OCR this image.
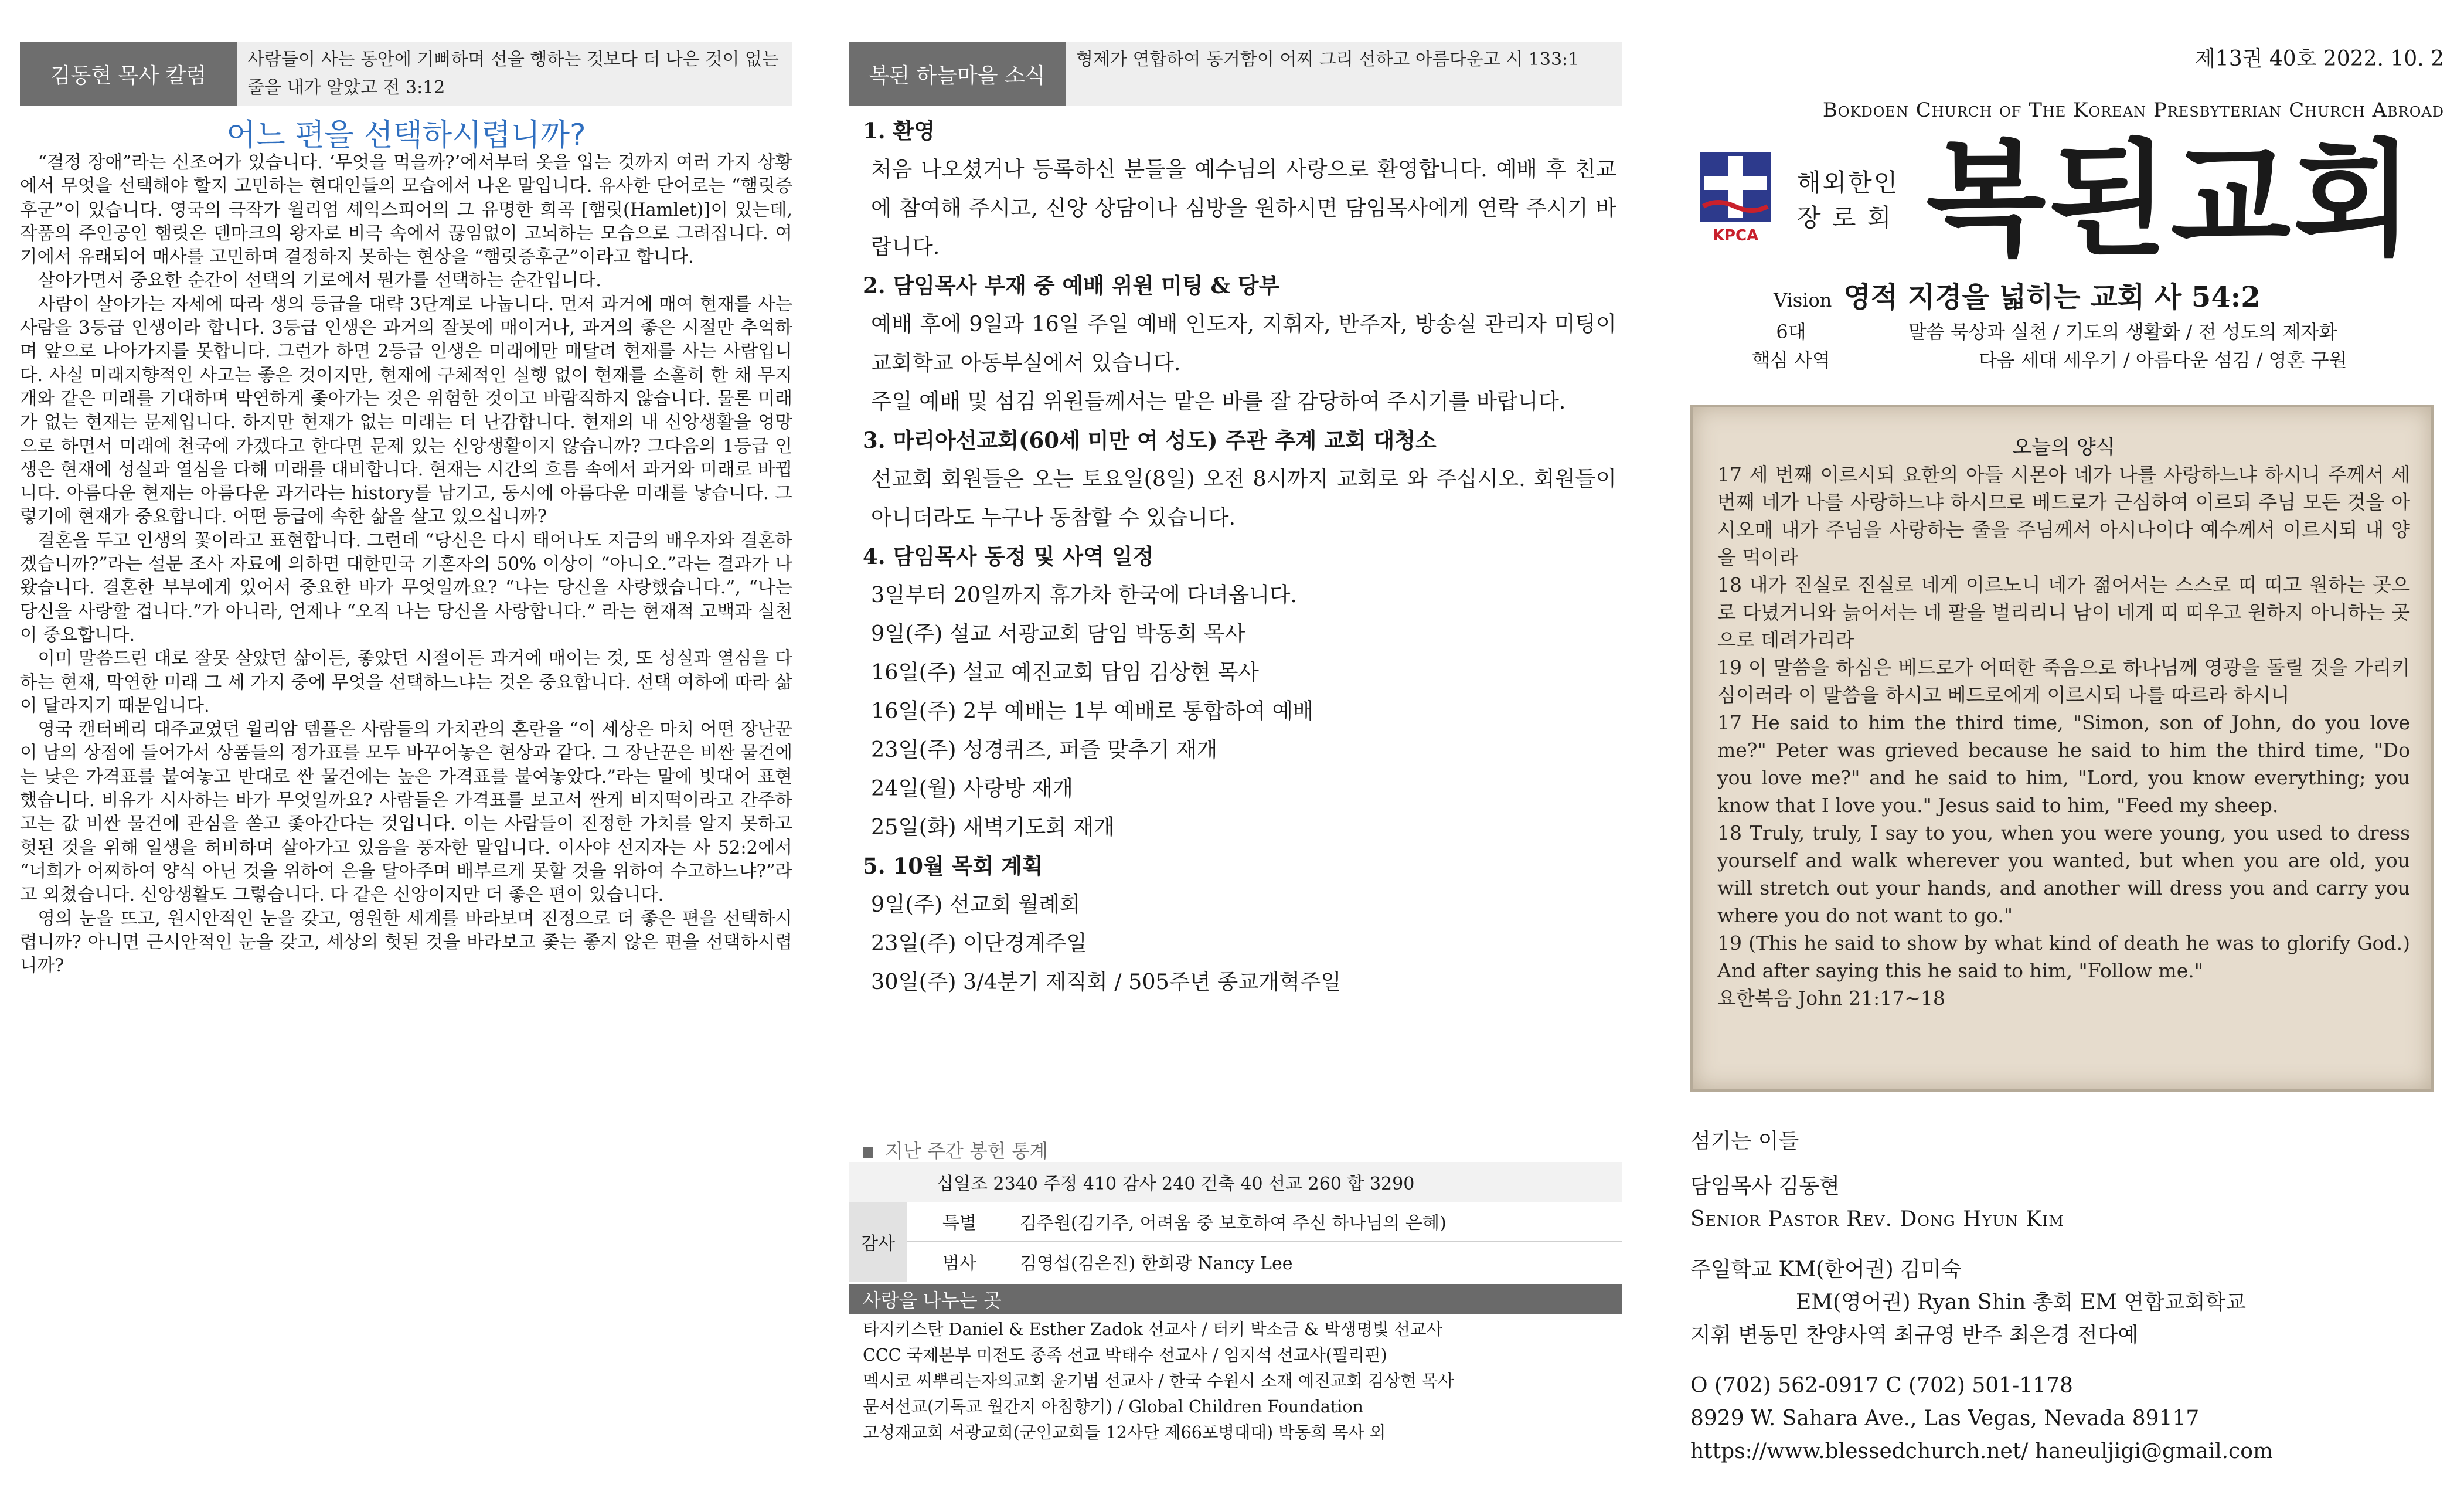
김동현 목사 칼럼
사람들이 사는 동안에 기뻐하며 선을 행하는 것보다 더 나은 것이 없는 줄을 내가 알았고 전 3:12
어느 편을 선택하시렵니까?

“결정 장애”라는 신조어가 있습니다. ‘무엇을 먹을까?’에서부터 옷을 입는 것까지 여러 가지 상황에서 무엇을 선택해야 할지 고민하는 현대인들의 모습에서 나온 말입니다. 유사한 단어로는 “햄릿증후군”이 있습니다. 영국의 극작가 윌리엄 셰익스피어의 그 유명한 희곡 [햄릿(Hamlet)]이 있는데, 작품의 주인공인 햄릿은 덴마크의 왕자로 비극 속에서 끊임없이 고뇌하는 모습으로 그려집니다. 여기에서 유래되어 매사를 고민하며 결정하지 못하는 현상을 “햄릿증후군”이라고 합니다.

살아가면서 중요한 순간이 선택의 기로에서 뭔가를 선택하는 순간입니다.

사람이 살아가는 자세에 따라 생의 등급을 대략 3단계로 나눕니다. 먼저 과거에 매여 현재를 사는 사람을 3등급 인생이라 합니다. 3등급 인생은 과거의 잘못에 매이거나, 과거의 좋은 시절만 추억하며 앞으로 나아가지를 못합니다. 그런가 하면 2등급 인생은 미래에만 매달려 현재를 사는 사람입니다. 사실 미래지향적인 사고는 좋은 것이지만, 현재에 구체적인 실행 없이 현재를 소홀히 한 채 무지개와 같은 미래를 기대하며 막연하게 좇아가는 것은 위험한 것이고 바람직하지 않습니다. 물론 미래가 없는 현재는 문제입니다. 하지만 현재가 없는 미래는 더 난감합니다. 현재의 내 신앙생활을 엉망으로 하면서 미래에 천국에 가겠다고 한다면 문제 있는 신앙생활이지 않습니까? 그다음의 1등급 인생은 현재에 성실과 열심을 다해 미래를 대비합니다. 현재는 시간의 흐름 속에서 과거와 미래로 바뀝니다. 아름다운 현재는 아름다운 과거라는 history를 남기고, 동시에 아름다운 미래를 낳습니다. 그렇기에 현재가 중요합니다. 어떤 등급에 속한 삶을 살고 있으십니까?

결혼을 두고 인생의 꽃이라고 표현합니다. 그런데 “당신은 다시 태어나도 지금의 배우자와 결혼하겠습니까?”라는 설문 조사 자료에 의하면 대한민국 기혼자의 50% 이상이 “아니오.”라는 결과가 나왔습니다. 결혼한 부부에게 있어서 중요한 바가 무엇일까요? “나는 당신을 사랑했습니다.”, “나는 당신을 사랑할 겁니다.”가 아니라, 언제나 “오직 나는 당신을 사랑합니다.” 라는 현재적 고백과 실천이 중요합니다.

이미 말씀드린 대로 잘못 살았던 삶이든, 좋았던 시절이든 과거에 매이는 것, 또 성실과 열심을 다하는 현재, 막연한 미래 그 세 가지 중에 무엇을 선택하느냐는 것은 중요합니다. 선택 여하에 따라 삶이 달라지기 때문입니다.

영국 캔터베리 대주교였던 윌리암 템플은 사람들의 가치관의 혼란을 “이 세상은 마치 어떤 장난꾼이 남의 상점에 들어가서 상품들의 정가표를 모두 바꾸어놓은 현상과 같다. 그 장난꾼은 비싼 물건에는 낮은 가격표를 붙여놓고 반대로 싼 물건에는 높은 가격표를 붙여놓았다.”라는 말에 빗대어 표현했습니다. 비유가 시사하는 바가 무엇일까요? 사람들은 가격표를 보고서 싼게 비지떡이라고 간주하고는 값 비싼 물건에 관심을 쏟고 좇아간다는 것입니다. 이는 사람들이 진정한 가치를 알지 못하고 헛된 것을 위해 일생을 허비하며 살아가고 있음을 풍자한 말입니다. 이사야 선지자는 사 52:2에서 “너희가 어찌하여 양식 아닌 것을 위하여 은을 달아주며 배부르게 못할 것을 위하여 수고하느냐?”라고 외쳤습니다. 신앙생활도 그렇습니다. 다 같은 신앙이지만 더 좋은 편이 있습니다.

영의 눈을 뜨고, 원시안적인 눈을 갖고, 영원한 세계를 바라보며 진정으로 더 좋은 편을 선택하시렵니까? 아니면 근시안적인 눈을 갖고, 세상의 헛된 것을 바라보고 좇는 좋지 않은 편을 선택하시렵니까?

복된 하늘마을 소식
형제가 연합하여 동거함이 어찌 그리 선하고 아름다운고 시 133:1
1. 환영
처음 나오셨거나 등록하신 분들을 예수님의 사랑으로 환영합니다. 예배 후 친교에 참여해 주시고, 신앙 상담이나 심방을 원하시면 담임목사에게 연락 주시기 바랍니다.
2. 담임목사 부재 중 예배 위원 미팅 & 당부
예배 후에 9일과 16일 주일 예배 인도자, 지휘자, 반주자, 방송실 관리자 미팅이 교회학교 아동부실에서 있습니다.
주일 예배 및 섬김 위원들께서는 맡은 바를 잘 감당하여 주시기를 바랍니다.
3. 마리아선교회(60세 미만 여 성도) 주관 추계 교회 대청소
선교회 회원들은 오는 토요일(8일) 오전 8시까지 교회로 와 주십시오. 회원들이 아니더라도 누구나 동참할 수 있습니다.
4. 담임목사 동정 및 사역 일정
3일부터 20일까지 휴가차 한국에 다녀옵니다.
9일(주) 설교 서광교회 담임 박동희 목사
16일(주) 설교 예진교회 담임 김상현 목사
16일(주) 2부 예배는 1부 예배로 통합하여 예배
23일(주) 성경퀴즈, 퍼즐 맞추기 재개
24일(월) 사랑방 재개
25일(화) 새벽기도회 재개
5. 10월 목회 계획
9일(주) 선교회 월례회
23일(주) 이단경계주일
30일(주) 3/4분기 제직회 / 505주년 종교개혁주일
지난 주간 봉헌 통계
십일조 2340 주정 410 감사 240 건축 40 선교 260 합 3290
감사
특별	김주원(김기주, 어려움 중 보호하여 주신 하나님의 은혜)
범사	김영섭(김은진) 한희광 Nancy Lee
사랑을 나누는 곳
타지키스탄 Daniel & Esther Zadok 선교사 / 터키 박소금 & 박생명빛 선교사
CCC 국제본부 미전도 종족 선교 박태수 선교사 / 임지석 선교사(필리핀)
멕시코 씨뿌리는자의교회 윤기범 선교사 / 한국 수원시 소재 예진교회 김상현 목사
문서선교(기독교 월간지 아침향기) / Global Children Foundation
고성재교회 서광교회(군인교회들 12사단 제66포병대대) 박동희 목사 외
제13권 40호 2022. 10. 2
Bokdoen Church of The Korean Presbyterian Church Abroad
KPCA
해외한인
장 로 회 복된교회
Vision 영적 지경을 넓히는 교회 사 54:2
6대
핵심 사역
말씀 묵상과 실천 / 기도의 생활화 / 전 성도의 제자화
다음 세대 세우기 / 아름다운 섬김 / 영혼 구원
오늘의 양식
17 세 번째 이르시되 요한의 아들 시몬아 네가 나를 사랑하느냐 하시니 주께서 세 번째 네가 나를 사랑하느냐 하시므로 베드로가 근심하여 이르되 주님 모든 것을 아시오매 내가 주님을 사랑하는 줄을 주님께서 아시나이다 예수께서 이르시되 내 양을 먹이라
18 내가 진실로 진실로 네게 이르노니 네가 젊어서는 스스로 띠 띠고 원하는 곳으로 다녔거니와 늙어서는 네 팔을 벌리리니 남이 네게 띠 띠우고 원하지 아니하는 곳으로 데려가리라
19 이 말씀을 하심은 베드로가 어떠한 죽음으로 하나님께 영광을 돌릴 것을 가리키심이러라 이 말씀을 하시고 베드로에게 이르시되 나를 따르라 하시니
17 He said to him the third time, "Simon, son of John, do you love me?" Peter was grieved because he said to him the third time, "Do you love me?" and he said to him, "Lord, you know everything; you know that I love you." Jesus said to him, "Feed my sheep.
18 Truly, truly, I say to you, when you were young, you used to dress yourself and walk wherever you wanted, but when you are old, you will stretch out your hands, and another will dress you and carry you where you do not want to go."
19 (This he said to show by what kind of death he was to glorify God.) And after saying this he said to him, "Follow me."
요한복음 John 21:17~18
섬기는 이들
담임목사 김동현
Senior Pastor Rev. Dong Hyun Kim
주일학교 KM(한어권) 김미숙
EM(영어권) Ryan Shin 총회 EM 연합교회학교
지휘 변동민 찬양사역 최규영 반주 최은경 전다예
O (702) 562-0917 C (702) 501-1178
8929 W. Sahara Ave., Las Vegas, Nevada 89117
https://www.blessedchurch.net/ haneuljigi@gmail.com
